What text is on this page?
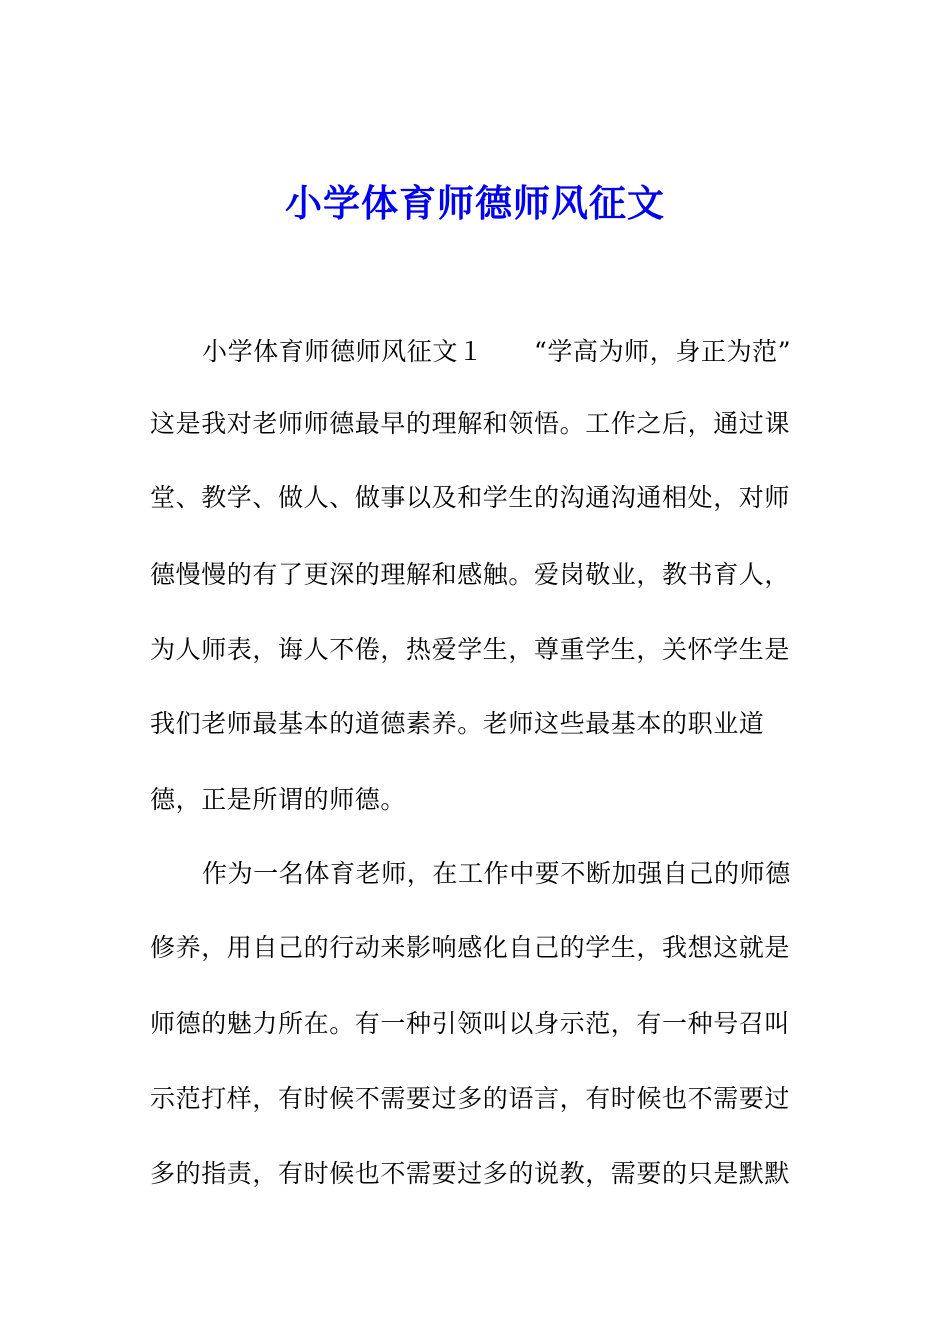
小学体育师德师风征文
小学体育师德师风征文１ “学高为师，身正为范”
这是我对老师师德最早的理解和领悟。工作之后，通过课
堂、教学、做人、做事以及和学生的沟通沟通相处，对师
德慢慢的有了更深的理解和感触。爱岗敬业，教书育人，
为人师表，诲人不倦，热爱学生，尊重学生，关怀学生是
我们老师最基本的道德素养。老师这些最基本的职业道
德，正是所谓的师德。
作为一名体育老师，在工作中要不断加强自己的师德
修养，用自己的行动来影响感化自己的学生，我想这就是
师德的魅力所在。有一种引领叫以身示范，有一种号召叫
示范打样，有时候不需要过多的语言，有时候也不需要过
多的指责，有时候也不需要过多的说教，需要的只是默默
